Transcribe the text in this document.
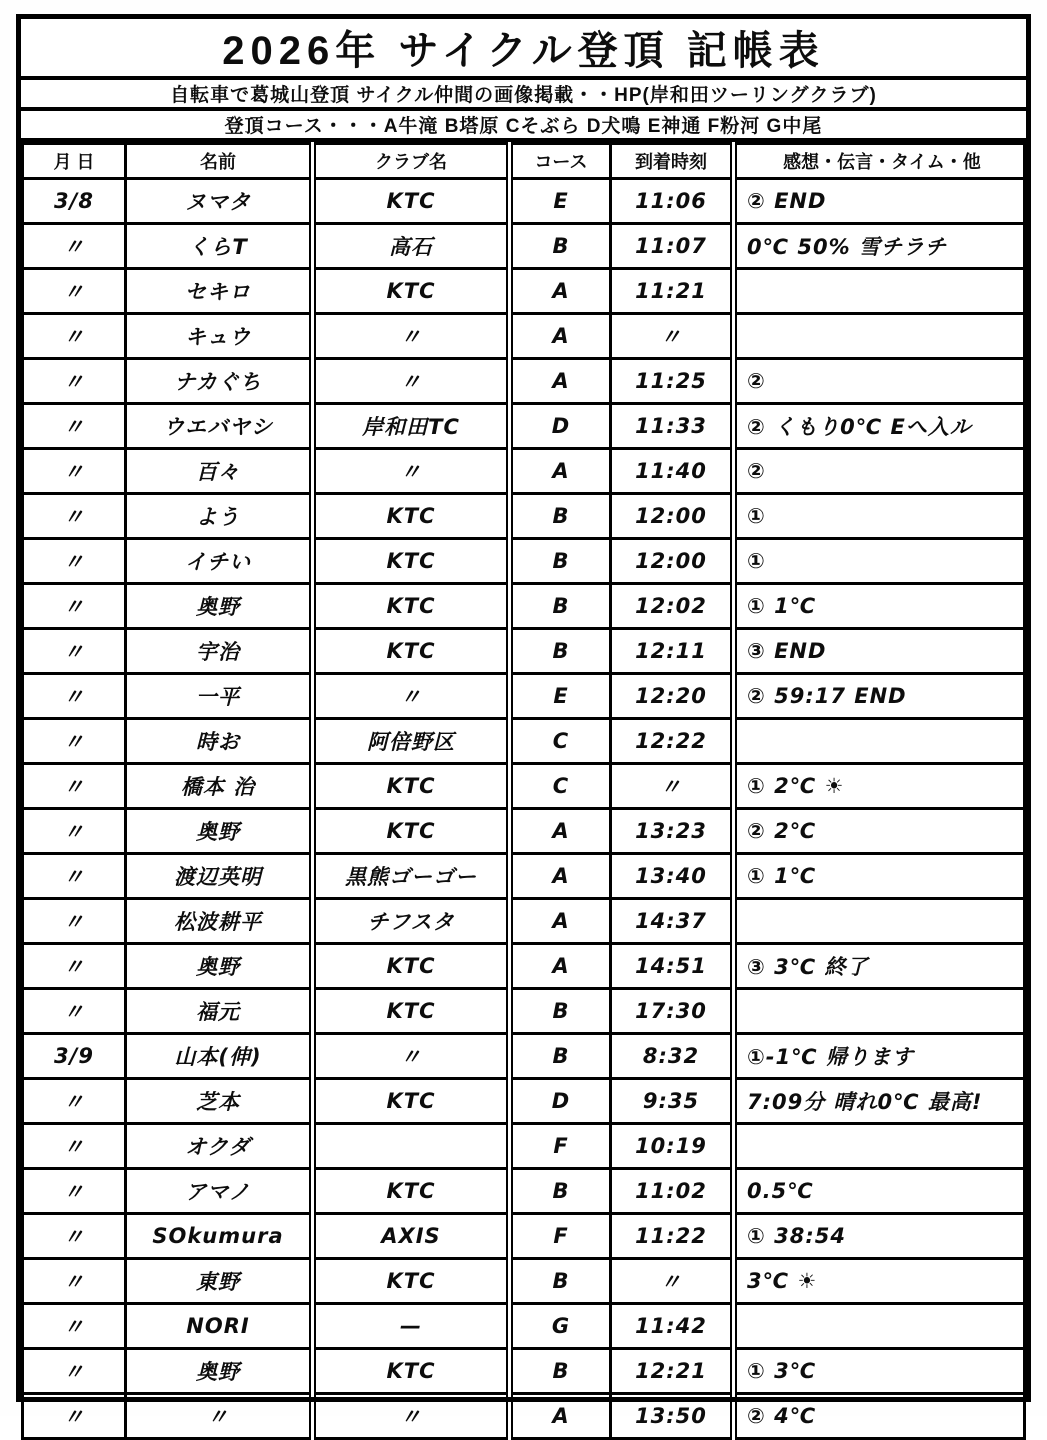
2026年 サイクル登頂 記帳表
自転車で葛城山登頂 サイクル仲間の画像掲載・・HP(岸和田ツーリングクラブ)
登頂コース・・・A牛滝 B塔原 Cそぶら D犬鳴 E神通 F粉河 G中尾
月 日	名前	クラブ名	コース	到着時刻	感想・伝言・タイム・他
3/8	ヌマタ	KTC	E	11:06	② END
〃	くらT	高石	B	11:07	0℃ 50% 雪チラチ
〃	セキロ	KTC	A	11:21	
〃	キュウ	〃	A	〃	
〃	ナカぐち	〃	A	11:25	②
〃	ウエバヤシ	岸和田TC	D	11:33	② くもり0℃ Eへ入ル
〃	百々	〃	A	11:40	②
〃	よう	KTC	B	12:00	①
〃	イチい	KTC	B	12:00	①
〃	奥野	KTC	B	12:02	① 1℃
〃	宇治	KTC	B	12:11	③ END
〃	一平	〃	E	12:20	② 59:17 END
〃	時お	阿倍野区	C	12:22	
〃	橋本 治	KTC	C	〃	① 2℃ ☀
〃	奥野	KTC	A	13:23	② 2℃
〃	渡辺英明	黒熊ゴーゴー	A	13:40	① 1℃
〃	松波耕平	チフスタ	A	14:37	
〃	奥野	KTC	A	14:51	③ 3℃ 終了
〃	福元	KTC	B	17:30	
3/9	山本(伸)	〃	B	8:32	①-1℃ 帰ります
〃	芝本	KTC	D	9:35	7:09分 晴れ0℃ 最高!
〃	オクダ		F	10:19	
〃	アマノ	KTC	B	11:02	0.5℃
〃	SOkumura	AXIS	F	11:22	① 38:54
〃	東野	KTC	B	〃	3℃ ☀
〃	NORI	—	G	11:42	
〃	奥野	KTC	B	12:21	① 3℃
〃	〃	〃	A	13:50	② 4℃
